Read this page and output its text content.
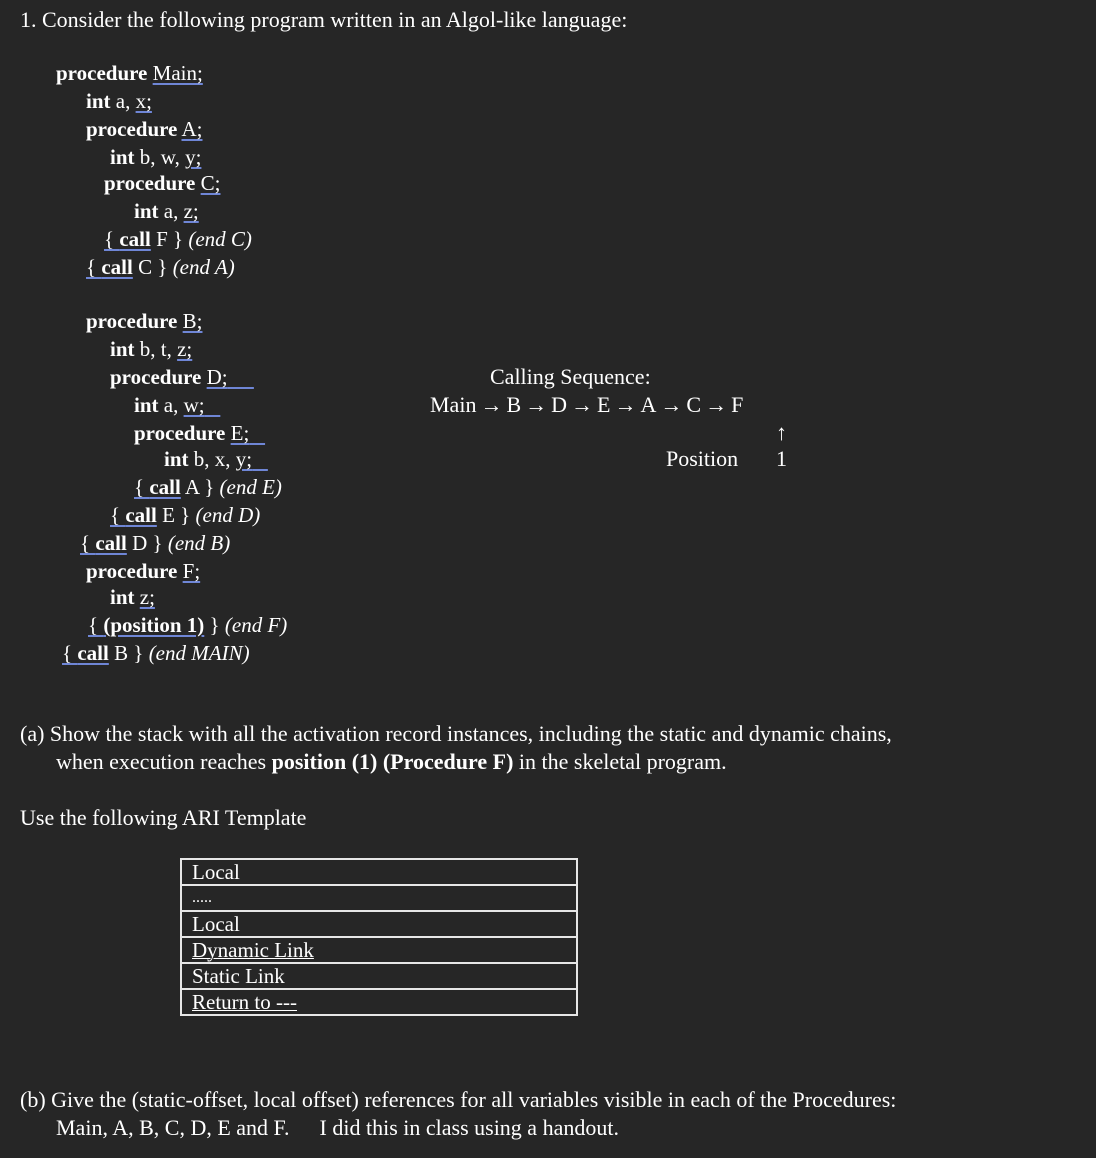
1. Consider the following program written in an Algol-like language:
procedure Main;
int a, x;
procedure A;
int b, w, y;
procedure C;
int a, z;
{ call F } (end C)
{ call C } (end A)
procedure B;
int b, t, z;
procedure D;
int a, w;
procedure E;
int b, x, y;
{ call A } (end E)
{ call E } (end D)
{ call D } (end B)
procedure F;
int z;
{ (position 1) } (end F)
{ call B } (end MAIN)
Calling Sequence:
Main → B → D → E → A → C → F
↑
Position 1
(a) Show the stack with all the activation record instances, including the static and dynamic chains,
when execution reaches position (1) (Procedure F) in the skeletal program.
Use the following ARI Template
Local
.....
Local
Dynamic Link
Static Link
Return to ---
(b) Give the (static-offset, local offset) references for all variables visible in each of the Procedures:
Main, A, B, C, D, E and F. I did this in class using a handout.
